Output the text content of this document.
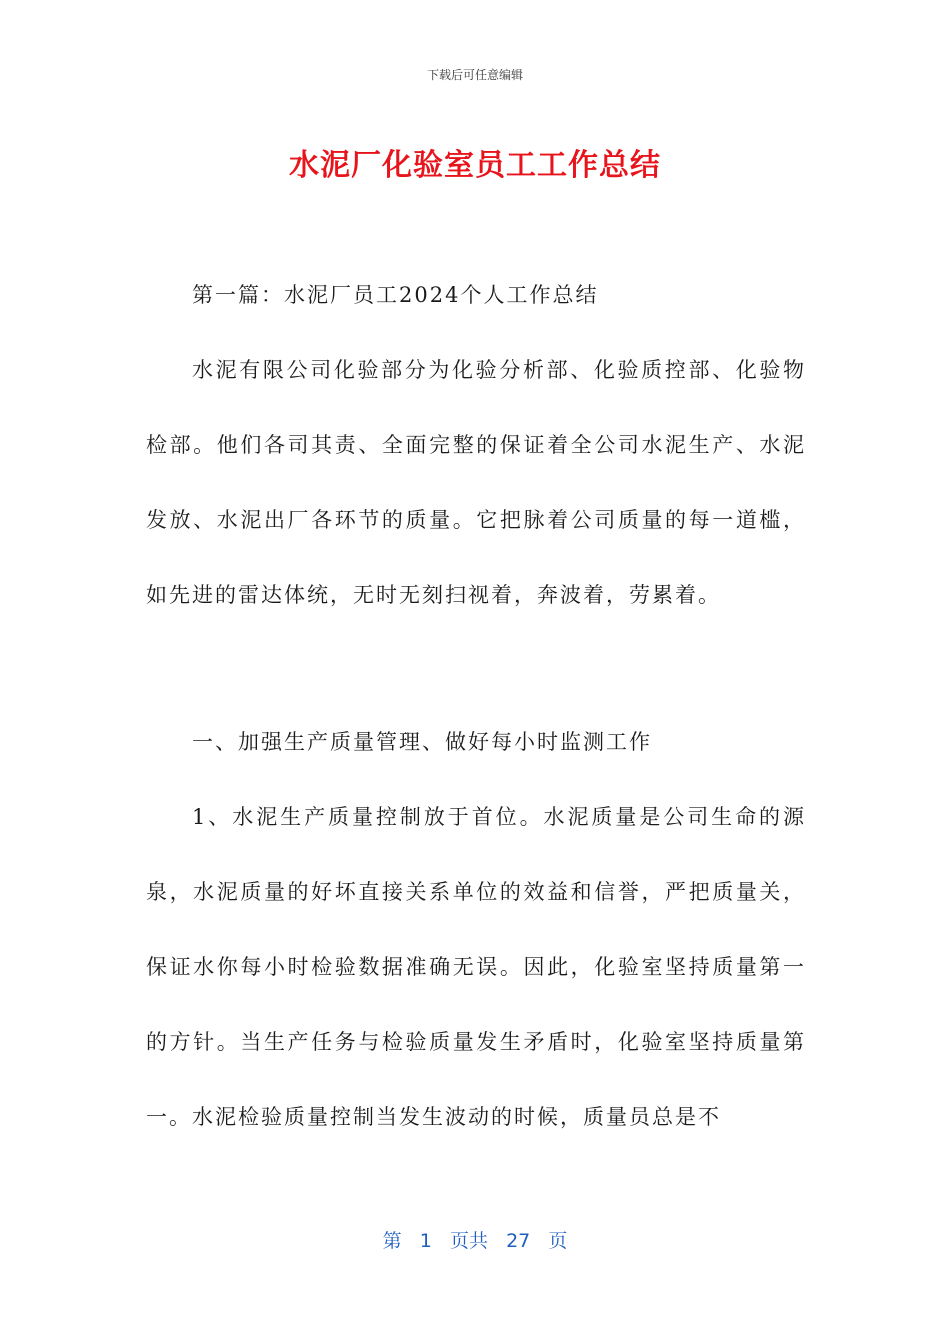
下载后可任意编辑
水泥厂化验室员工工作总结

第一篇：水泥厂员工2024个人工作总结

水泥有限公司化验部分为化验分析部、化验质控部、化验物检部。他们各司其责、全面完整的保证着全公司水泥生产、水泥发放、水泥出厂各环节的质量。它把脉着公司质量的每一道槛，如先进的雷达体统，无时无刻扫视着，奔波着，劳累着。

一、加强生产质量管理、做好每小时监测工作

1、水泥生产质量控制放于首位。水泥质量是公司生命的源泉，水泥质量的好坏直接关系单位的效益和信誉，严把质量关，保证水你每小时检验数据准确无误。因此，化验室坚持质量第一的方针。当生产任务与检验质量发生矛盾时，化验室坚持质量第一。水泥检验质量控制当发生波动的时候，质量员总是不

第 1 页共 27 页
